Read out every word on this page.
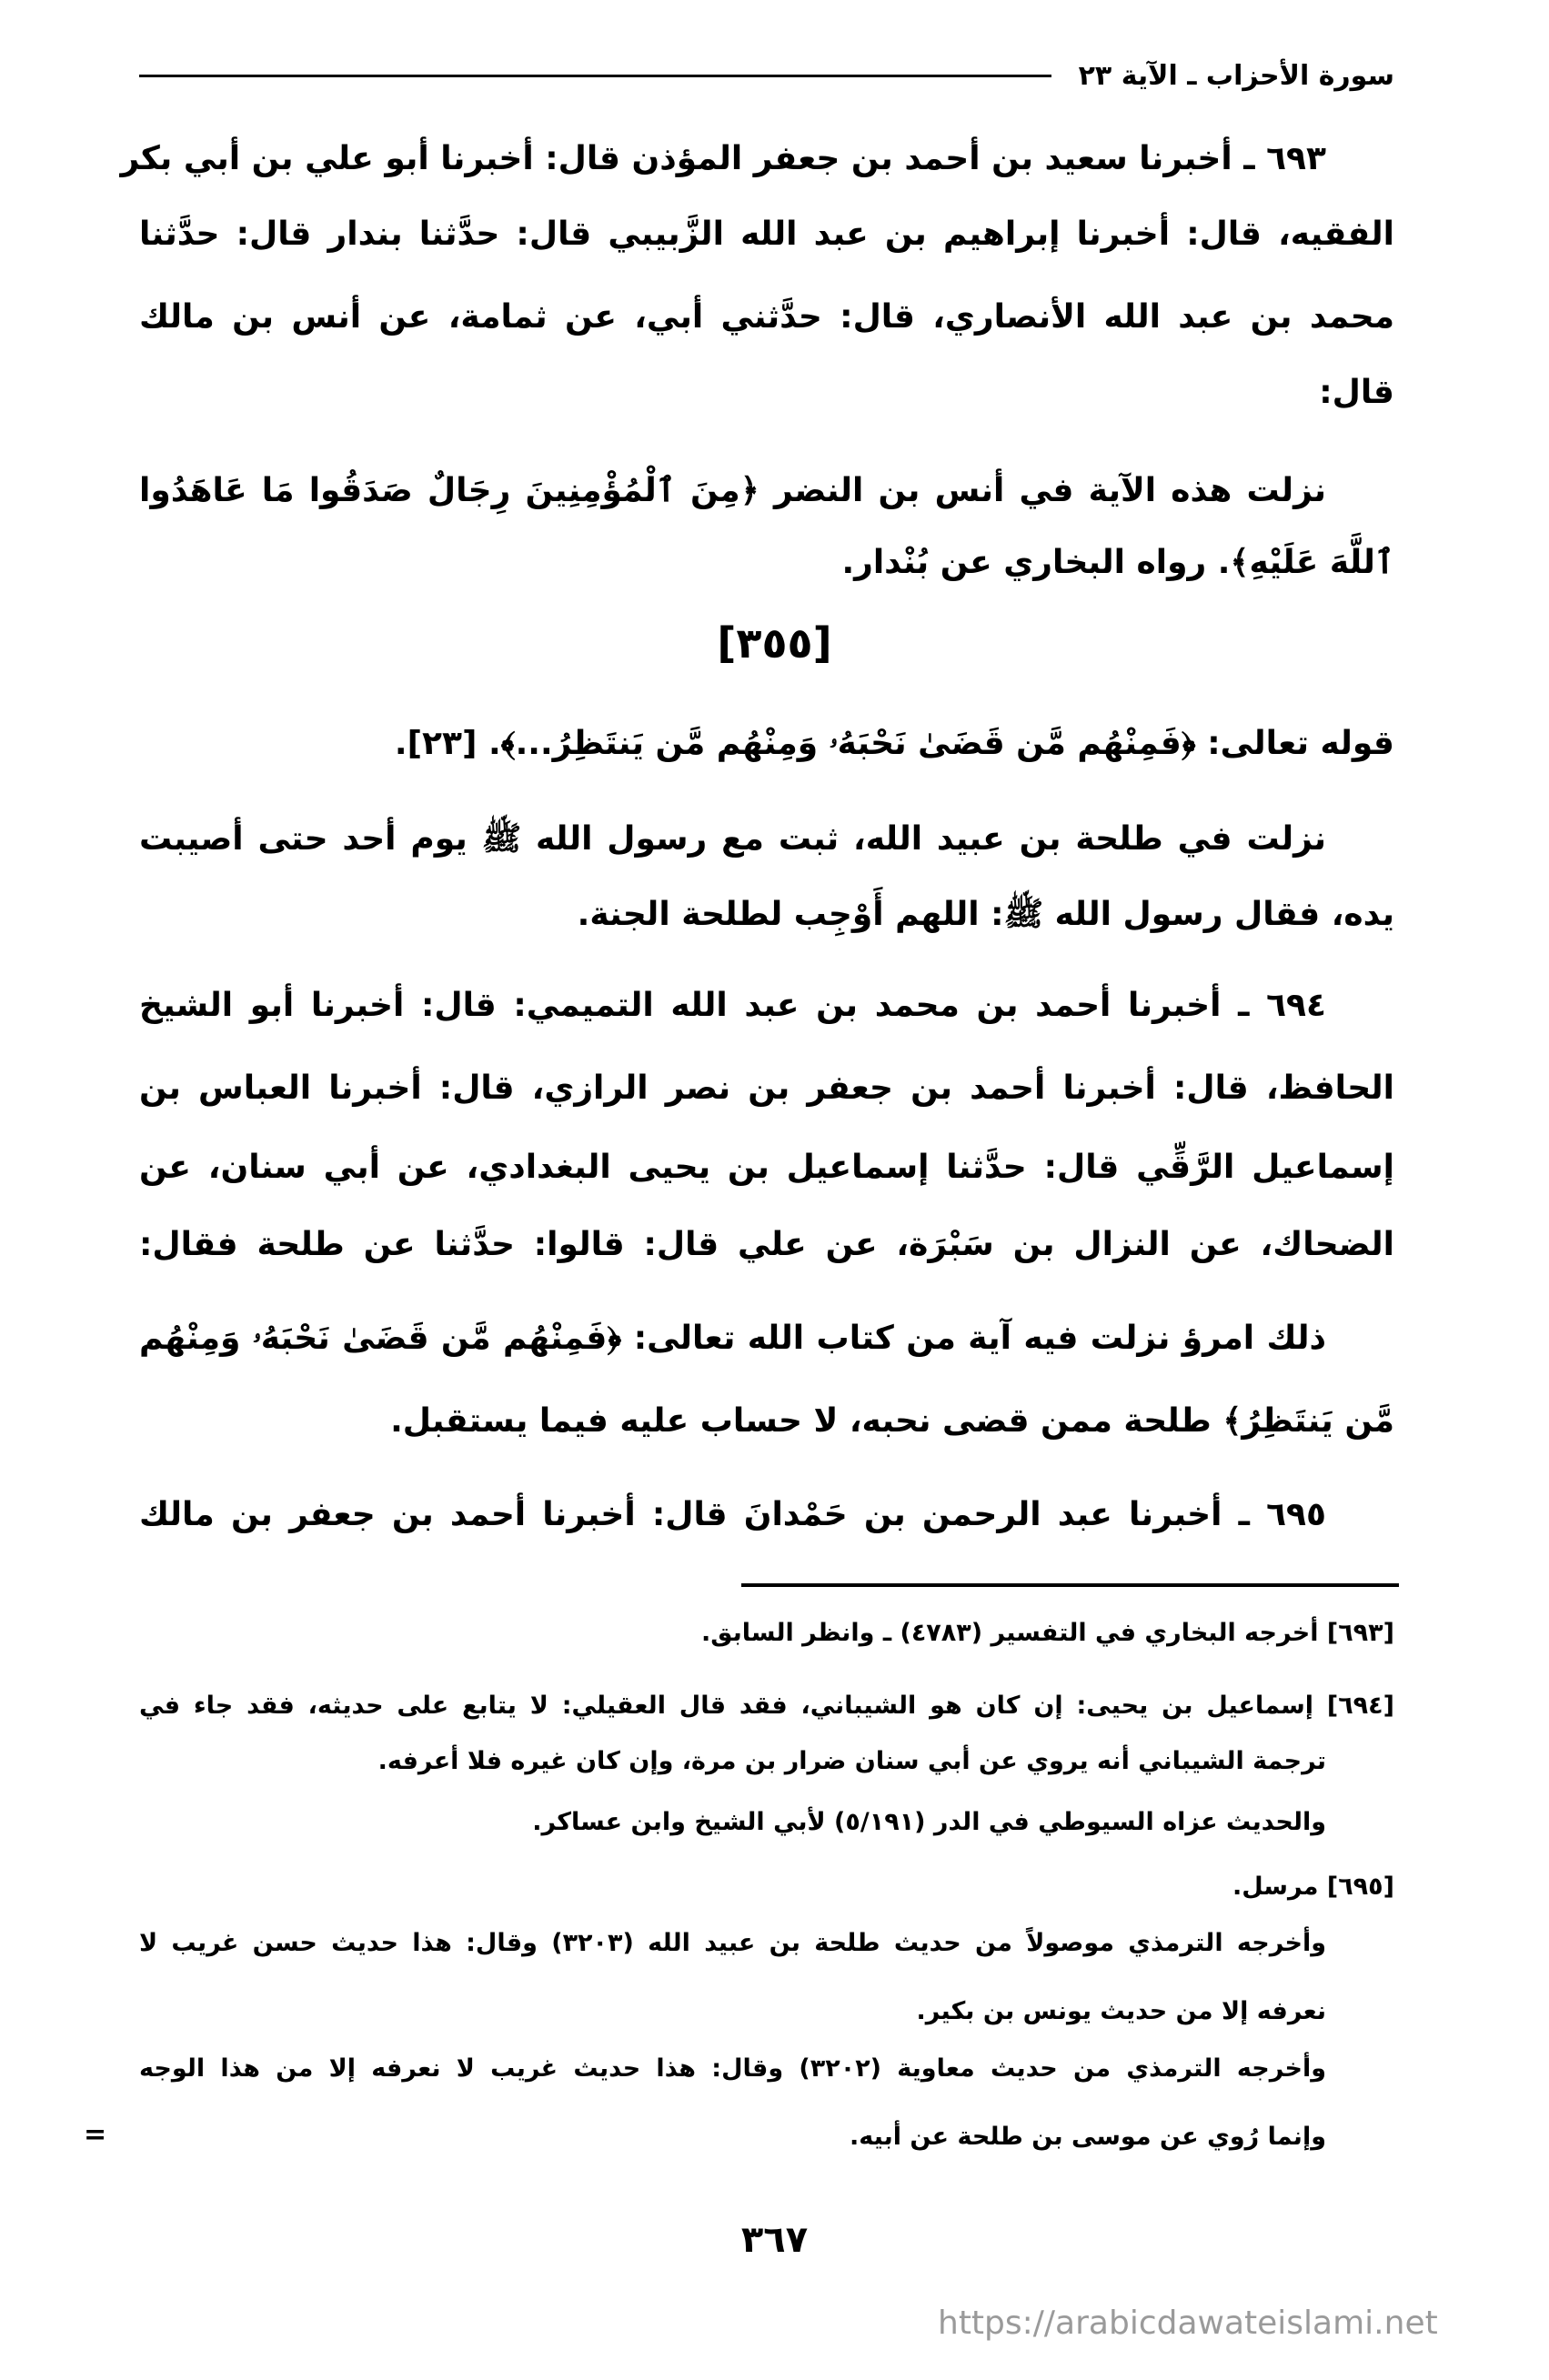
سورة الأحزاب ـ الآية ٢٣
٦٩٣ ـ أخبرنا سعيد بن أحمد بن جعفر المؤذن قال: أخبرنا أبو علي بن أبي بكر
الفقيه، قال: أخبرنا إبراهيم بن عبد الله الزَّبيبي قال: حدَّثنا بندار قال: حدَّثنا
محمد بن عبد الله الأنصاري، قال: حدَّثني أبي، عن ثمامة، عن أنس بن مالك
قال:
نزلت هذه الآية في أنس بن النضر ﴿مِنَ ٱلْمُؤْمِنِينَ رِجَالٌ صَدَقُوا مَا عَاهَدُوا
ٱللَّهَ عَلَيْهِ﴾. رواه البخاري عن بُنْدار.
[٣٥٥]
قوله تعالى: ﴿فَمِنْهُم مَّن قَضَىٰ نَحْبَهُۥ وَمِنْهُم مَّن يَنتَظِرُ...﴾. [٢٣].
نزلت في طلحة بن عبيد الله، ثبت مع رسول الله ﷺ يوم أحد حتى أصيبت
يده، فقال رسول الله ﷺ: اللهم أَوْجِب لطلحة الجنة.
٦٩٤ ـ أخبرنا أحمد بن محمد بن عبد الله التميمي: قال: أخبرنا أبو الشيخ
الحافظ، قال: أخبرنا أحمد بن جعفر بن نصر الرازي، قال: أخبرنا العباس بن
إسماعيل الرَّقِّي قال: حدَّثنا إسماعيل بن يحيى البغدادي، عن أبي سنان، عن
الضحاك، عن النزال بن سَبْرَة، عن علي قال: قالوا: حدَّثنا عن طلحة فقال:
ذلك امرؤ نزلت فيه آية من كتاب الله تعالى: ﴿فَمِنْهُم مَّن قَضَىٰ نَحْبَهُۥ وَمِنْهُم
مَّن يَنتَظِرُ﴾ طلحة ممن قضى نحبه، لا حساب عليه فيما يستقبل.
٦٩٥ ـ أخبرنا عبد الرحمن بن حَمْدانَ قال: أخبرنا أحمد بن جعفر بن مالك
[٦٩٣] أخرجه البخاري في التفسير (٤٧٨٣) ـ وانظر السابق.
[٦٩٤] إسماعيل بن يحيى: إن كان هو الشيباني، فقد قال العقيلي: لا يتابع على حديثه، فقد جاء في
ترجمة الشيباني أنه يروي عن أبي سنان ضرار بن مرة، وإن كان غيره فلا أعرفه.
والحديث عزاه السيوطي في الدر (٥/١٩١) لأبي الشيخ وابن عساكر.
[٦٩٥] مرسل.
وأخرجه الترمذي موصولاً من حديث طلحة بن عبيد الله (٣٢٠٣) وقال: هذا حديث حسن غريب لا
نعرفه إلا من حديث يونس بن بكير.
وأخرجه الترمذي من حديث معاوية (٣٢٠٢) وقال: هذا حديث غريب لا نعرفه إلا من هذا الوجه
وإنما رُوي عن موسى بن طلحة عن أبيه.
=
٣٦٧
https://arabicdawateislami.net
